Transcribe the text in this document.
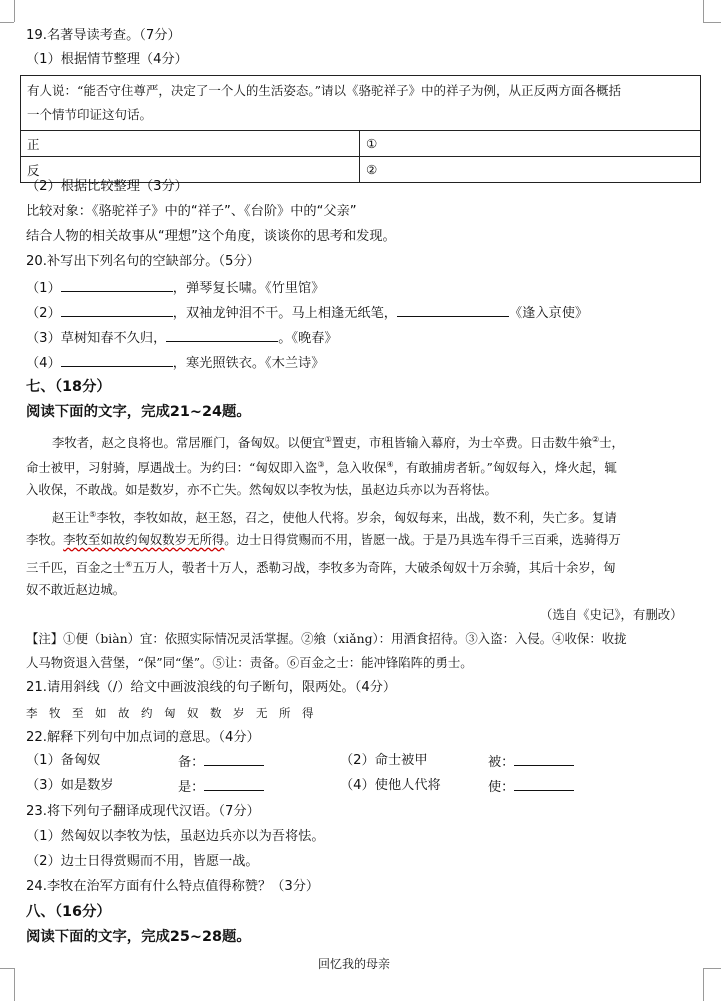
19.名著导读考查。（7分）
（1）根据情节整理（4分）
有人说：“能否守住尊严，决定了一个人的生活姿态。”请以《骆驼祥子》中的祥子为例，从正反两方面各概括
一个情节印证这句话。	

正	①
反	②
（2）根据比较整理（3分）
比较对象：《骆驼祥子》中的“祥子”、《台阶》中的“父亲”
结合人物的相关故事从“理想”这个角度，谈谈你的思考和发现。
20.补写出下列名句的空缺部分。（5分）
（1）	，弹琴复长啸。《竹里馆》
（2）	，双袖龙钟泪不干。马上相逢无纸笔，	《逢入京使》
（3）草树知春不久归，	。《晚春》
（4）	，寒光照铁衣。《木兰诗》
七、（18分）
阅读下面的文字，完成21~24题。
李牧者，赵之良将也。常居雁门，备匈奴。以便宜①置吏，市租皆输入幕府，为士卒费。日击数牛飨②士，
命士被甲，习射骑，厚遇战士。为约曰：“匈奴即入盗③，急入收保④，有敢捕虏者斩。”匈奴每入，烽火起，辄
入收保，不敢战。如是数岁，亦不亡失。然匈奴以李牧为怯，虽赵边兵亦以为吾将怯。
赵王让⑤李牧，李牧如故，赵王怒，召之，使他人代将。岁余，匈奴每来，出战，数不利，失亡多。复请
李牧。李牧至如故约匈奴数岁无所得。边士日得赏赐而不用，皆愿一战。于是乃具选车得千三百乘，选骑得万
三千匹，百金之士⑥五万人，彀者十万人，悉勒习战，李牧多为奇阵，大破杀匈奴十万余骑，其后十余岁，匈
奴不敢近赵边城。
（选自《史记》，有删改）
【注】①便（biàn）宜：依照实际情况灵活掌握。②飨（xiǎng）：用酒食招待。③入盗：入侵。④收保：收拢
人马物资退入营堡，“保”同“堡”。⑤让：责备。⑥百金之士：能冲锋陷阵的勇士。
21.请用斜线（/）给文中画波浪线的句子断句，限两处。（4分）
李　牧　至　如　故　约　匈　奴　数　岁　无　所　得
22.解释下列句中加点词的意思。（4分）
（1）备匈奴	备：	（2）命士被甲	被：
（3）如是数岁	是：	（4）使他人代将	使：
23.将下列句子翻译成现代汉语。（7分）
（1）然匈奴以李牧为怯，虽赵边兵亦以为吾将怯。
（2）边士日得赏赐而不用，皆愿一战。
24.李牧在治军方面有什么特点值得称赞？（3分）
八、（16分）
阅读下面的文字，完成25~28题。
回忆我的母亲
